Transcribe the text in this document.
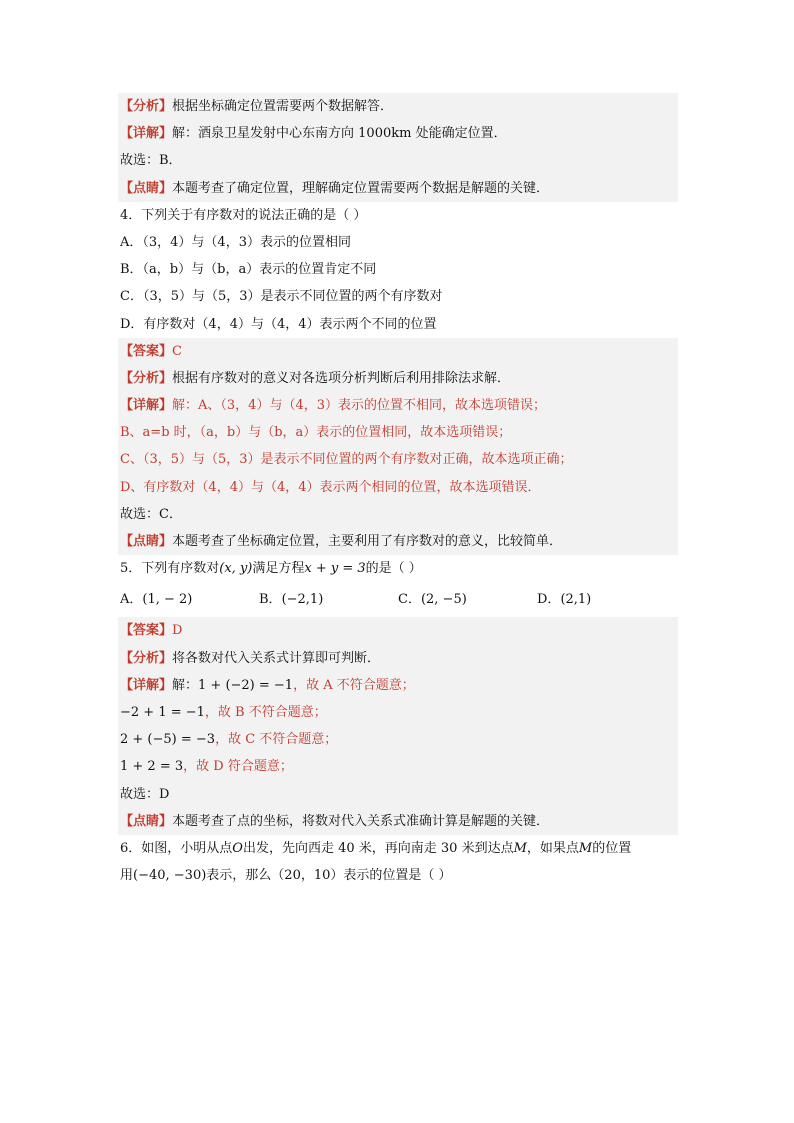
【分析】根据坐标确定位置需要两个数据解答．
【详解】解：酒泉卫星发射中心东南方向 1000km 处能确定位置．
故选：B．
【点睛】本题考查了确定位置，理解确定位置需要两个数据是解题的关键．
4．下列关于有序数对的说法正确的是（ ）
A．（3，4）与（4，3）表示的位置相同
B．（a，b）与（b，a）表示的位置肯定不同
C．（3，5）与（5，3）是表示不同位置的两个有序数对
D．有序数对（4，4）与（4，4）表示两个不同的位置
【答案】C
【分析】根据有序数对的意义对各选项分析判断后利用排除法求解．
【详解】解：A、（3，4）与（4，3）表示的位置不相同，故本选项错误；
B、a=b 时，（a，b）与（b，a）表示的位置相同，故本选项错误；
C、（3，5）与（5，3）是表示不同位置的两个有序数对正确，故本选项正确；
D、有序数对（4，4）与（4，4）表示两个相同的位置，故本选项错误．
故选：C．
【点睛】本题考查了坐标确定位置，主要利用了有序数对的意义，比较简单．
5．下列有序数对(x, y)满足方程x + y = 3的是（ ）
A．(1, − 2)	B．(−2,1)	C．(2, −5)	D．(2,1)
【答案】D
【分析】将各数对代入关系式计算即可判断．
【详解】解：1 + (−2) = −1，故 A 不符合题意；
−2 + 1 = −1，故 B 不符合题意；
2 + (−5) = −3，故 C 不符合题意；
1 + 2 = 3，故 D 符合题意；
故选：D
【点睛】本题考查了点的坐标，将数对代入关系式准确计算是解题的关键．
6．如图，小明从点O出发，先向西走 40 米，再向南走 30 米到达点M，如果点M的位置
用(−40, −30)表示，那么（20，10）表示的位置是（ ）
